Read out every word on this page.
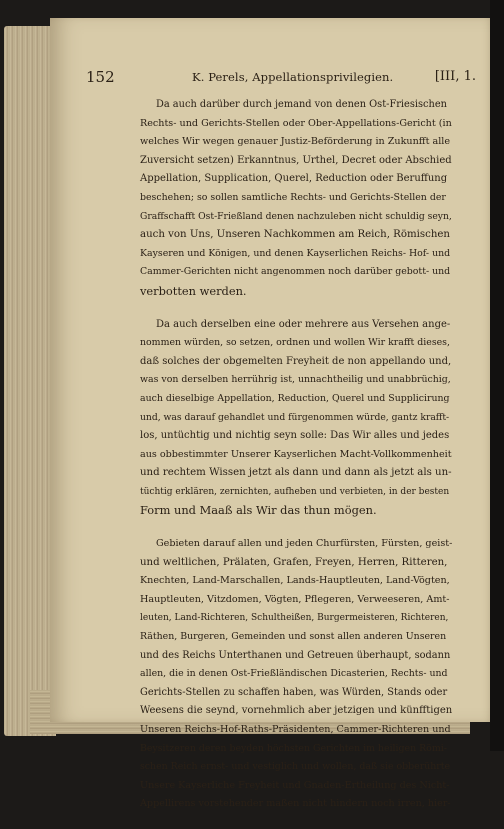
152	K. Perels, Appellationsprivilegien.	[III, 1.

Da auch darüber durch jemand von denen Ost-Friesischen
Rechts- und Gerichts-Stellen oder Ober-Appellations-Gericht (in
welches Wir wegen genauer Justiz-Beförderung in Zukunfft alle
Zuversicht setzen) Erkanntnus, Urthel, Decret oder Abschied
Appellation, Supplication, Querel, Reduction oder Beruffung
beschehen; so sollen samtliche Rechts- und Gerichts-Stellen der
Graffschafft Ost-Frießland denen nachzuleben nicht schuldig seyn,
auch von Uns, Unseren Nachkommen am Reich, Römischen
Kayseren und Königen, und denen Kayserlichen Reichs- Hof- und
Cammer-Gerichten nicht angenommen noch darüber gebott- und
verbotten werden.

Da auch derselben eine oder mehrere aus Versehen ange-
nommen würden, so setzen, ordnen und wollen Wir krafft dieses,
daß solches der obgemelten Freyheit de non appellando und,
was von derselben herrührig ist, unnachtheilig und unabbrüchig,
auch dieselbige Appellation, Reduction, Querel und Supplicirung
und, was darauf gehandlet und fürgenommen würde, gantz krafft-
los, untüchtig und nichtig seyn solle: Das Wir alles und jedes
aus obbestimmter Unserer Kayserlichen Macht-Vollkommenheit
und rechtem Wissen jetzt als dann und dann als jetzt als un-
tüchtig erklären, zernichten, aufheben und verbieten, in der besten
Form und Maaß als Wir das thun mögen.

Gebieten darauf allen und jeden Churfürsten, Fürsten, geist-
und weltlichen, Prälaten, Grafen, Freyen, Herren, Ritteren,
Knechten, Land-Marschallen, Lands-Hauptleuten, Land-Vögten,
Hauptleuten, Vitzdomen, Vögten, Pflegeren, Verweeseren, Amt-
leuten, Land-Richteren, Schultheißen, Burgermeisteren, Richteren,
Räthen, Burgeren, Gemeinden und sonst allen anderen Unseren
und des Reichs Unterthanen und Getreuen überhaupt, sodann
allen, die in denen Ost-Frießländischen Dicasterien, Rechts- und
Gerichts-Stellen zu schaffen haben, was Würden, Stands oder
Weesens die seynd, vornehmlich aber jetzigen und künfftigen
Unseren Reichs-Hof-Raths-Präsidenten, Cammer-Richteren und
Beysitzeren deren beyden höchsten Gerichten im heiligen Römi-
schen Reich ernst- und vestiglich und wollen, daß sie obberührte
Unsere Kayserliche Freyheit und Gnaden-Ertheilung des Nicht-
Appellirens vorstehender maßen nicht hindern noch irren, hier-
